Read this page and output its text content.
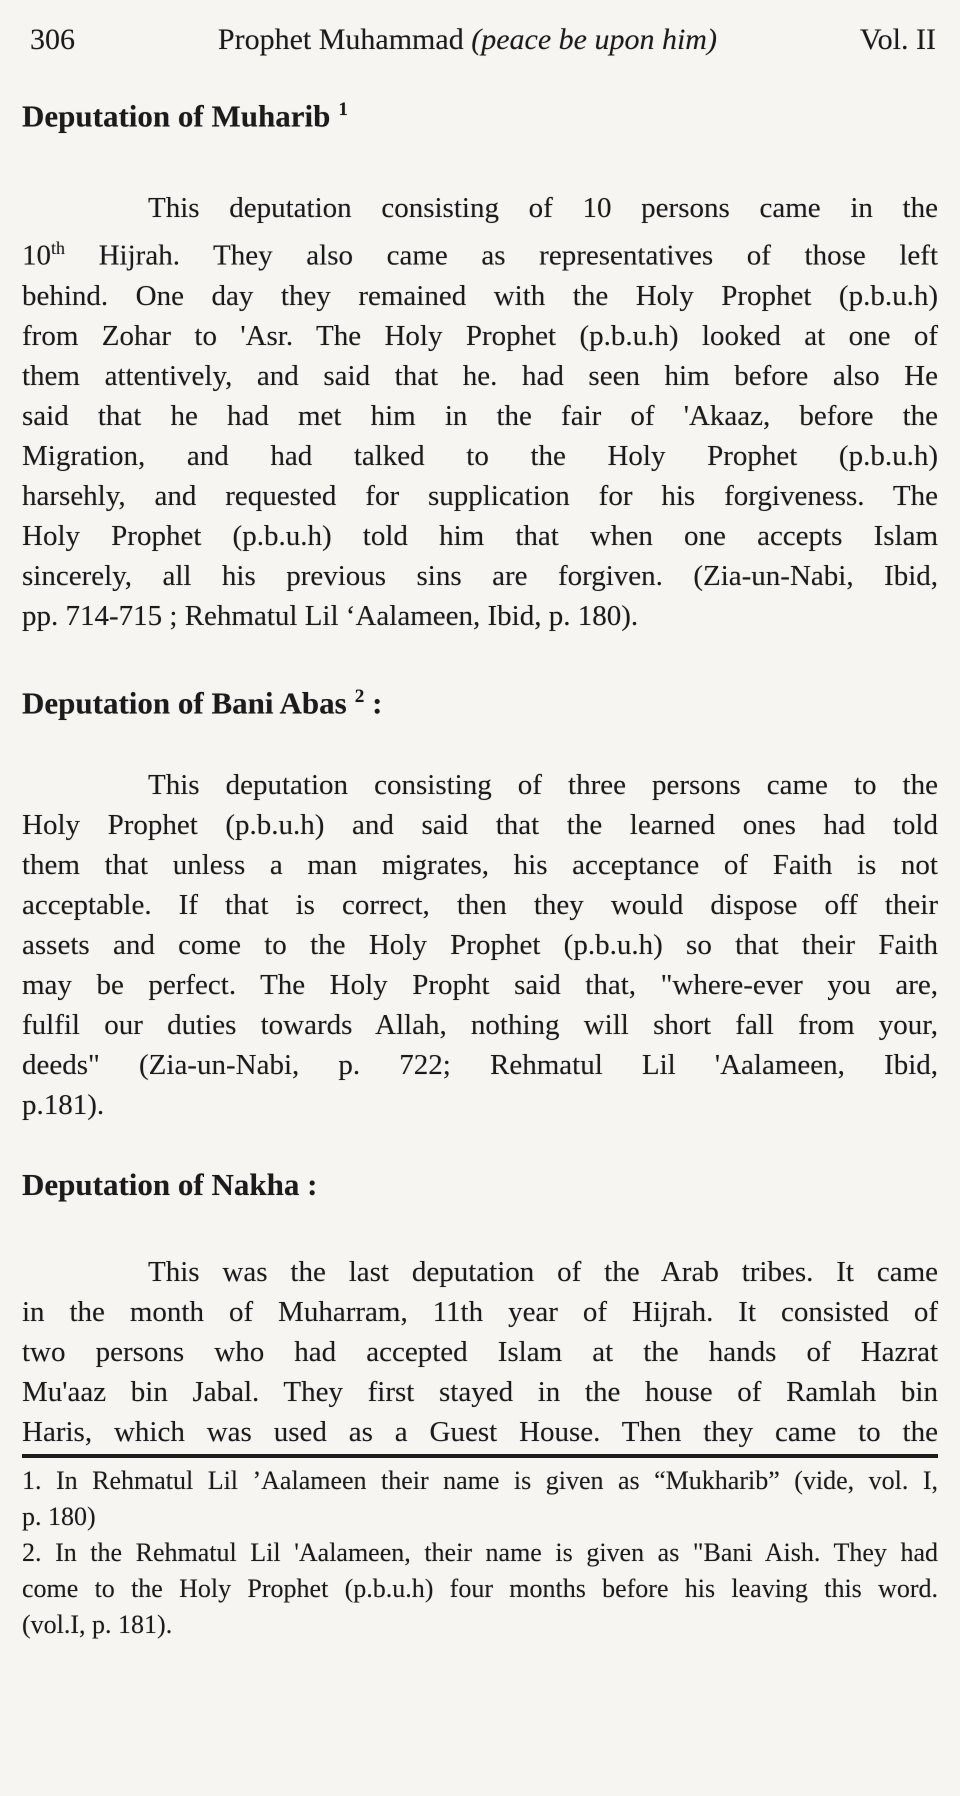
306	Prophet Muhammad (peace be upon him)	Vol. II
Deputation of Muharib $^1$
This deputation consisting of 10 persons came in the
10th Hijrah. They also came as representatives of those left
behind. One day they remained with the Holy Prophet (p.b.u.h)
from Zohar to 'Asr. The Holy Prophet (p.b.u.h) looked at one of
them attentively, and said that he. had seen him before also He
said that he had met him in the fair of 'Akaaz, before the
Migration, and had talked to the Holy Prophet (p.b.u.h)
harsehly, and requested for supplication for his forgiveness. The
Holy Prophet (p.b.u.h) told him that when one accepts Islam
sincerely, all his previous sins are forgiven. (Zia-un-Nabi, Ibid,
pp. 714-715 ; Rehmatul Lil ‘Aalameen, Ibid, p. 180).
Deputation of Bani Abas $^2$ :
This deputation consisting of three persons came to the
Holy Prophet (p.b.u.h) and said that the learned ones had told
them that unless a man migrates, his acceptance of Faith is not
acceptable. If that is correct, then they would dispose off their
assets and come to the Holy Prophet (p.b.u.h) so that their Faith
may be perfect. The Holy Propht said that, "where-ever you are,
fulfil our duties towards Allah, nothing will short fall from your,
deeds" (Zia-un-Nabi, p. 722; Rehmatul Lil 'Aalameen, Ibid,
p.181).
Deputation of Nakha :
This was the last deputation of the Arab tribes. It came
in the month of Muharram, 11th year of Hijrah. It consisted of
two persons who had accepted Islam at the hands of Hazrat
Mu'aaz bin Jabal. They first stayed in the house of Ramlah bin
Haris, which was used as a Guest House. Then they came to the
1. In Rehmatul Lil ’Aalameen their name is given as “Mukharib” (vide, vol. I,
p. 180)
2. In the Rehmatul Lil 'Aalameen, their name is given as "Bani Aish. They had
come to the Holy Prophet (p.b.u.h) four months before his leaving this word.
(vol.I, p. 181).
